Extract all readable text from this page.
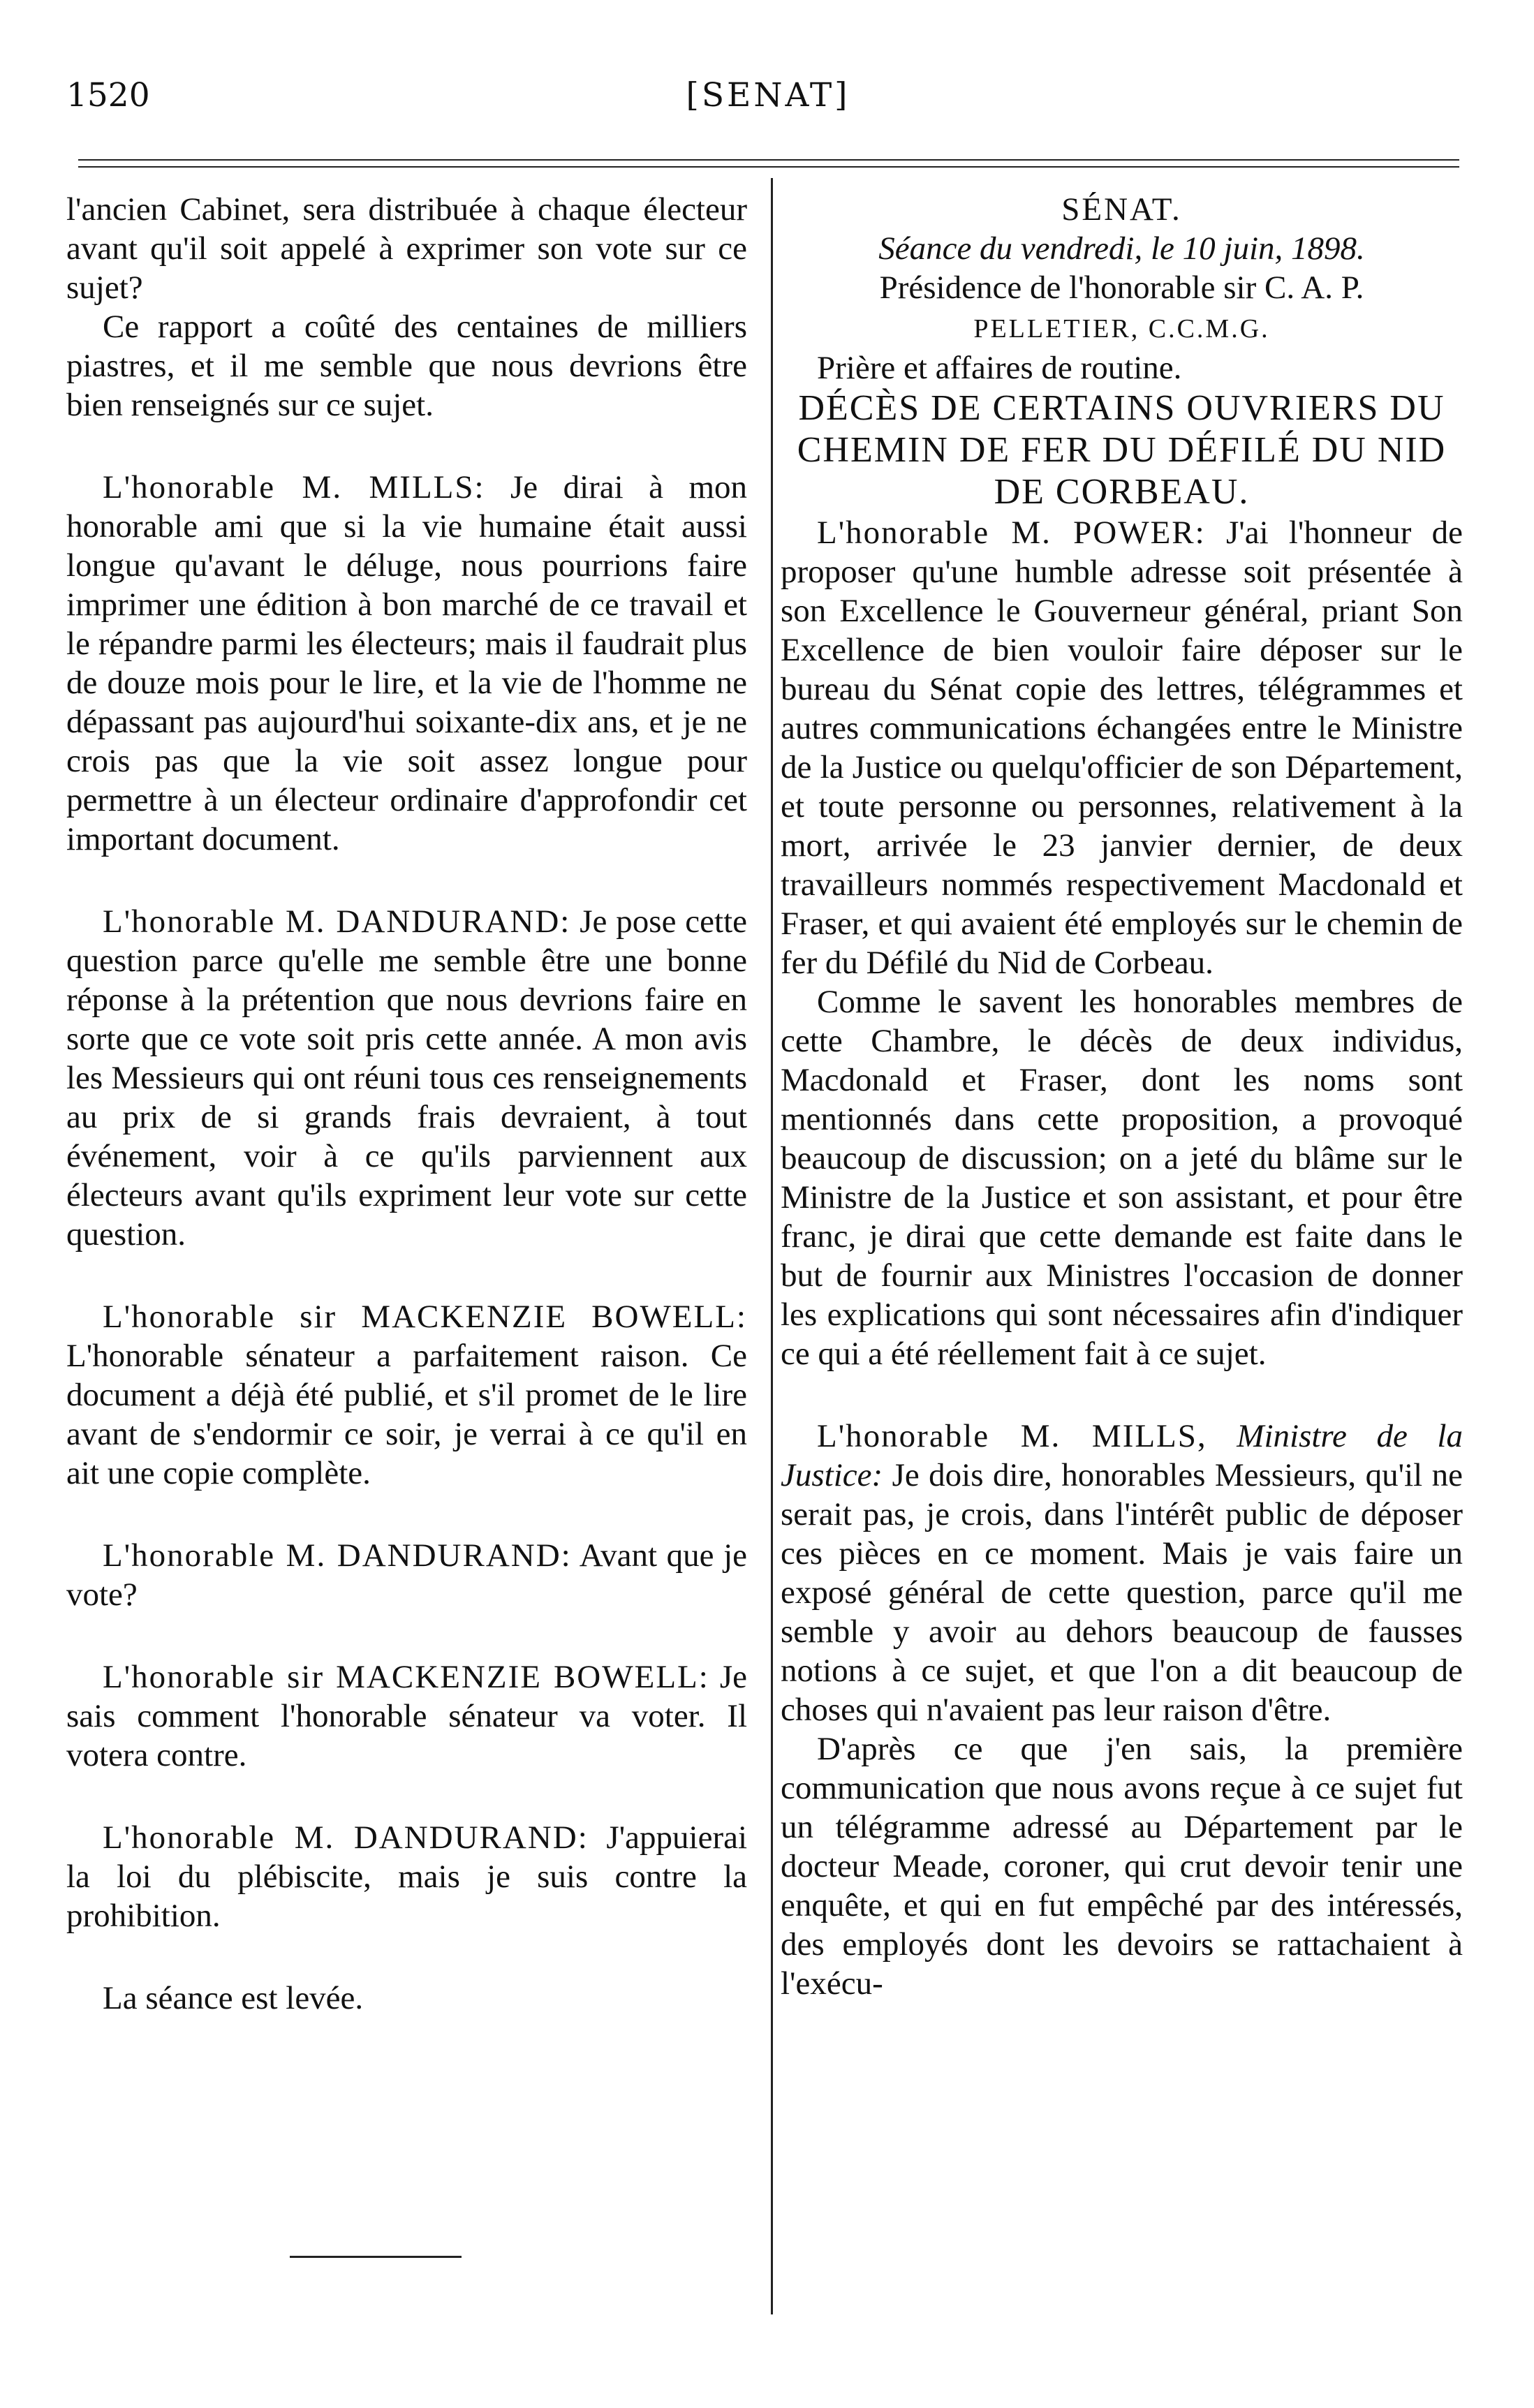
1520	[SENAT]

l'ancien Cabinet, sera distribuée à chaque électeur avant qu'il soit appelé à exprimer son vote sur ce sujet?

Ce rapport a coûté des centaines de milliers piastres, et il me semble que nous devrions être bien renseignés sur ce sujet.

L'honorable M. MILLS: Je dirai à mon honorable ami que si la vie humaine était aussi longue qu'avant le déluge, nous pourrions faire imprimer une édition à bon marché de ce travail et le répandre parmi les électeurs; mais il faudrait plus de douze mois pour le lire, et la vie de l'homme ne dépassant pas aujourd'hui soixante-dix ans, et je ne crois pas que la vie soit assez longue pour permettre à un électeur ordinaire d'approfondir cet important document.

L'honorable M. DANDURAND: Je pose cette question parce qu'elle me semble être une bonne réponse à la prétention que nous devrions faire en sorte que ce vote soit pris cette année. A mon avis les Messieurs qui ont réuni tous ces renseignements au prix de si grands frais devraient, à tout événement, voir à ce qu'ils parviennent aux électeurs avant qu'ils expriment leur vote sur cette question.

L'honorable sir MACKENZIE BOWELL: L'honorable sénateur a parfaitement raison. Ce document a déjà été publié, et s'il promet de le lire avant de s'endormir ce soir, je verrai à ce qu'il en ait une copie complète.

L'honorable M. DANDURAND: Avant que je vote?

L'honorable sir MACKENZIE BOWELL: Je sais comment l'honorable sénateur va voter. Il votera contre.

L'honorable M. DANDURAND: J'appuierai la loi du plébiscite, mais je suis contre la prohibition.

La séance est levée.

SÉNAT.

Séance du vendredi, le 10 juin, 1898.

Présidence de l'honorable sir C. A. P.
PELLETIER, C.C.M.G.

Prière et affaires de routine.

DÉCÈS DE CERTAINS OUVRIERS DU CHEMIN DE FER DU DÉFILÉ DU NID DE CORBEAU.

L'honorable M. POWER: J'ai l'honneur de proposer qu'une humble adresse soit présentée à son Excellence le Gouverneur général, priant Son Excellence de bien vouloir faire déposer sur le bureau du Sénat copie des lettres, télégrammes et autres communications échangées entre le Ministre de la Justice ou quelqu'officier de son Département, et toute personne ou personnes, relativement à la mort, arrivée le 23 janvier dernier, de deux travailleurs nommés respectivement Macdonald et Fraser, et qui avaient été employés sur le chemin de fer du Défilé du Nid de Corbeau.

Comme le savent les honorables membres de cette Chambre, le décès de deux individus, Macdonald et Fraser, dont les noms sont mentionnés dans cette proposition, a provoqué beaucoup de discussion; on a jeté du blâme sur le Ministre de la Justice et son assistant, et pour être franc, je dirai que cette demande est faite dans le but de fournir aux Ministres l'occasion de donner les explications qui sont nécessaires afin d'indiquer ce qui a été réellement fait à ce sujet.

L'honorable M. MILLS, Ministre de la Justice: Je dois dire, honorables Messieurs, qu'il ne serait pas, je crois, dans l'intérêt public de déposer ces pièces en ce moment. Mais je vais faire un exposé général de cette question, parce qu'il me semble y avoir au dehors beaucoup de fausses notions à ce sujet, et que l'on a dit beaucoup de choses qui n'avaient pas leur raison d'être.

D'après ce que j'en sais, la première communication que nous avons reçue à ce sujet fut un télégramme adressé au Département par le docteur Meade, coroner, qui crut devoir tenir une enquête, et qui en fut empêché par des intéressés, des employés dont les devoirs se rattachaient à l'exécu-
